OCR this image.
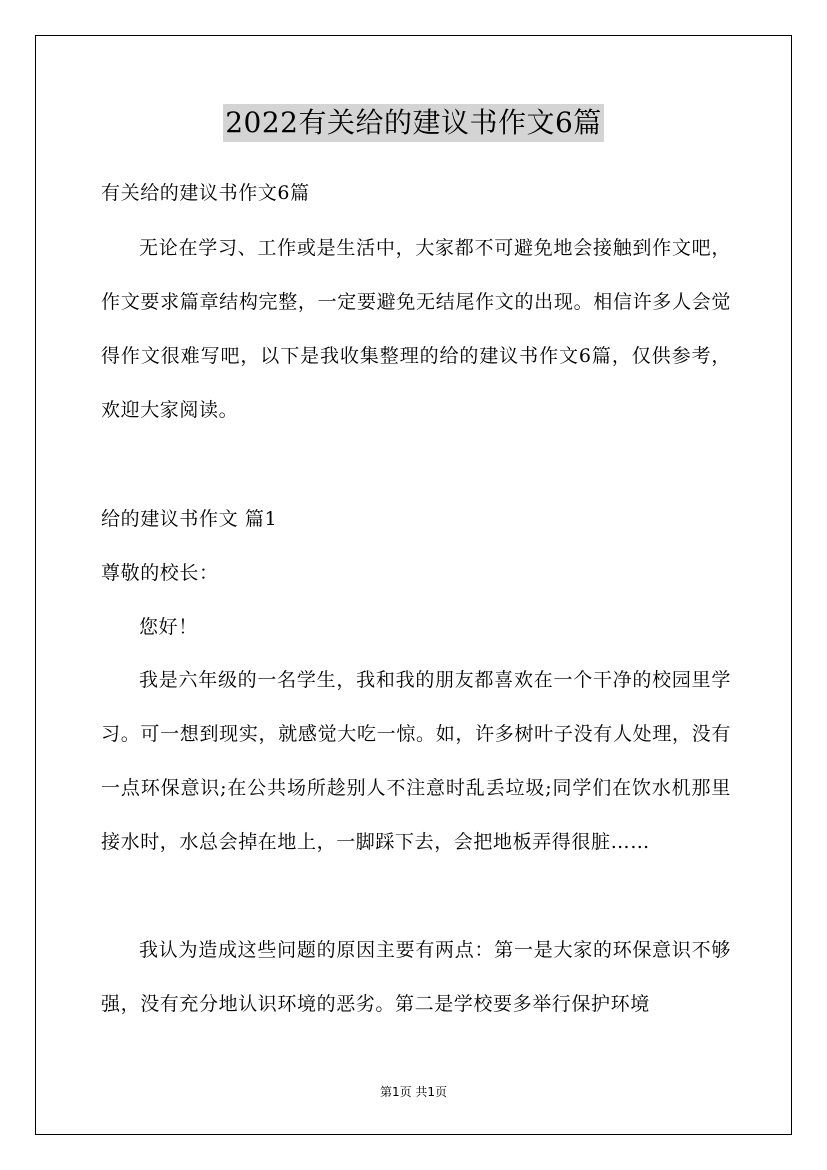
2022有关给的建议书作文6篇
有关给的建议书作文6篇
无论在学习、工作或是生活中，大家都不可避免地会接触到作文吧，作文要求篇章结构完整，一定要避免无结尾作文的出现。相信许多人会觉得作文很难写吧，以下是我收集整理的给的建议书作文6篇，仅供参考，欢迎大家阅读。
给的建议书作文 篇1
尊敬的校长：
您好！
我是六年级的一名学生，我和我的朋友都喜欢在一个干净的校园里学习。可一想到现实，就感觉大吃一惊。如，许多树叶子没有人处理，没有一点环保意识;在公共场所趁别人不注意时乱丢垃圾;同学们在饮水机那里接水时，水总会掉在地上，一脚踩下去，会把地板弄得很脏……
我认为造成这些问题的原因主要有两点：第一是大家的环保意识不够强，没有充分地认识环境的恶劣。第二是学校要多举行保护环境
第1页 共1页
